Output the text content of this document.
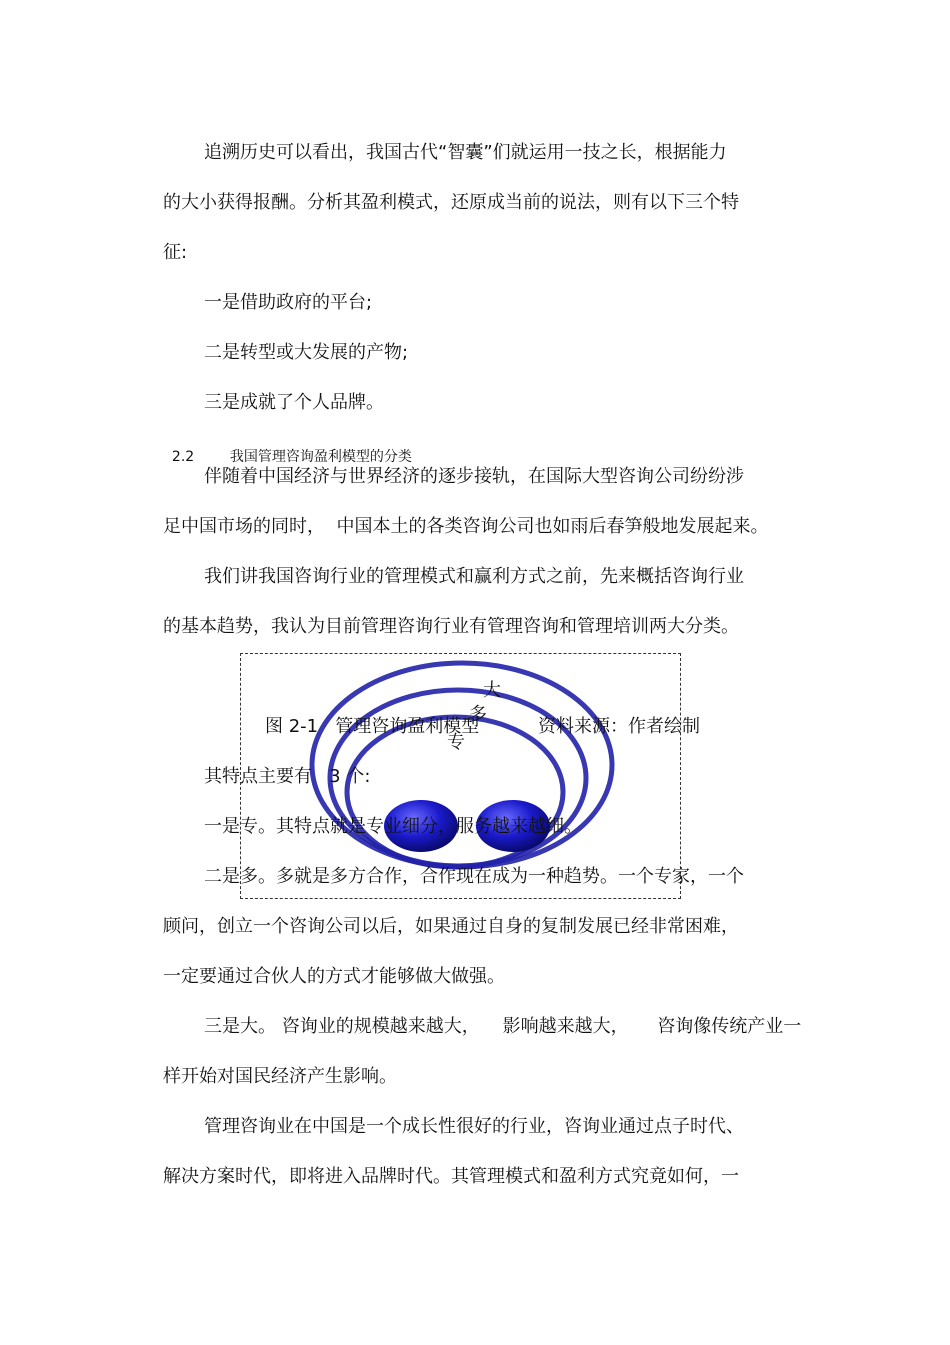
追溯历史可以看出，我国古代“智囊”们就运用一技之长，根据能力
的大小获得报酬。分析其盈利模式，还原成当前的说法，则有以下三个特
征:
一是借助政府的平台;
二是转型或大发展的产物;
三是成就了个人品牌。

2.2	我国管理咨询盈利模型的分类

伴随着中国经济与世界经济的逐步接轨，在国际大型咨询公司纷纷涉
足中国市场的同时，  中国本土的各类咨询公司也如雨后春笋般地发展起来。
我们讲我国咨询行业的管理模式和赢利方式之前，先来概括咨询行业
的基本趋势，我认为目前管理咨询行业有管理咨询和管理培训两大分类。
大
多
专
图 2-1   管理咨询盈利模型	资料来源：作者绘制
其特点主要有   3 个:
一是专。其特点就是专业细分，服务越来越细。
二是多。多就是多方合作，合作现在成为一种趋势。一个专家，一个
顾问，创立一个咨询公司以后，如果通过自身的复制发展已经非常困难，
一定要通过合伙人的方式才能够做大做强。
三是大。 咨询业的规模越来越大，    影响越来越大，     咨询像传统产业一
样开始对国民经济产生影响。
管理咨询业在中国是一个成长性很好的行业，咨询业通过点子时代、
解决方案时代，即将进入品牌时代。其管理模式和盈利方式究竟如何，一
